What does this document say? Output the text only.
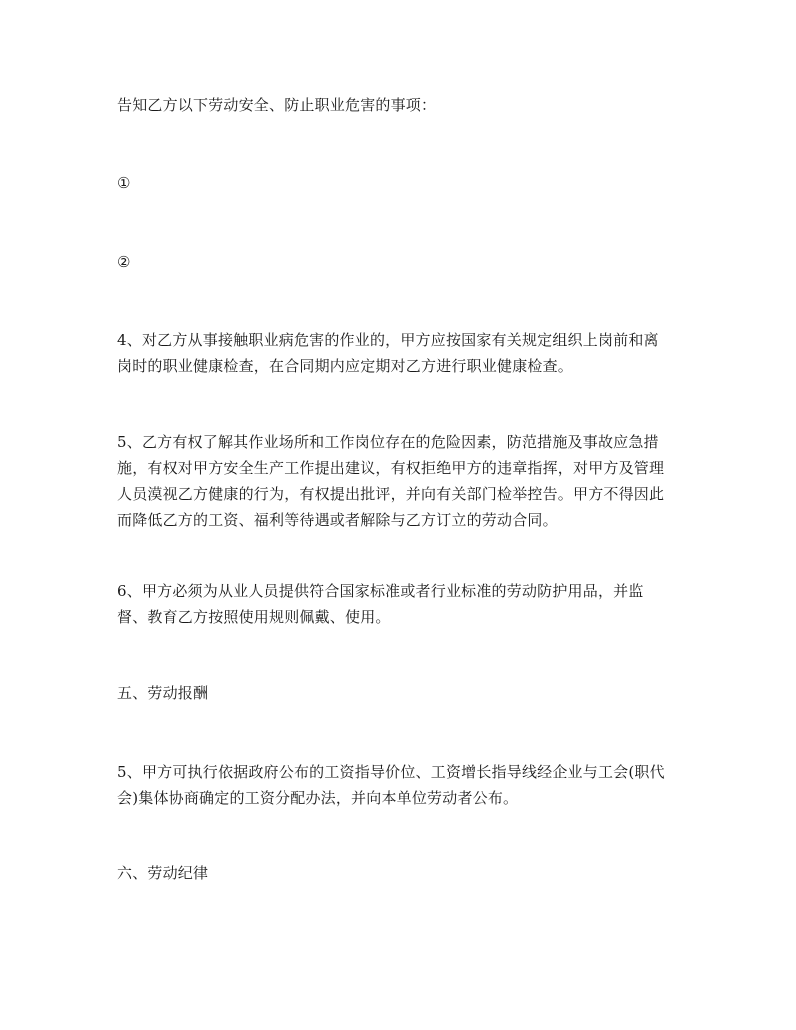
告知乙方以下劳动安全、防止职业危害的事项：
①
②
4、对乙方从事接触职业病危害的作业的，甲方应按国家有关规定组织上岗前和离
岗时的职业健康检查，在合同期内应定期对乙方进行职业健康检查。
5、乙方有权了解其作业场所和工作岗位存在的危险因素，防范措施及事故应急措
施，有权对甲方安全生产工作提出建议，有权拒绝甲方的违章指挥，对甲方及管理
人员漠视乙方健康的行为，有权提出批评，并向有关部门检举控告。甲方不得因此
而降低乙方的工资、福利等待遇或者解除与乙方订立的劳动合同。
6、甲方必须为从业人员提供符合国家标准或者行业标准的劳动防护用品，并监
督、教育乙方按照使用规则佩戴、使用。
五、劳动报酬
5、甲方可执行依据政府公布的工资指导价位、工资增长指导线经企业与工会(职代
会)集体协商确定的工资分配办法，并向本单位劳动者公布。
六、劳动纪律
